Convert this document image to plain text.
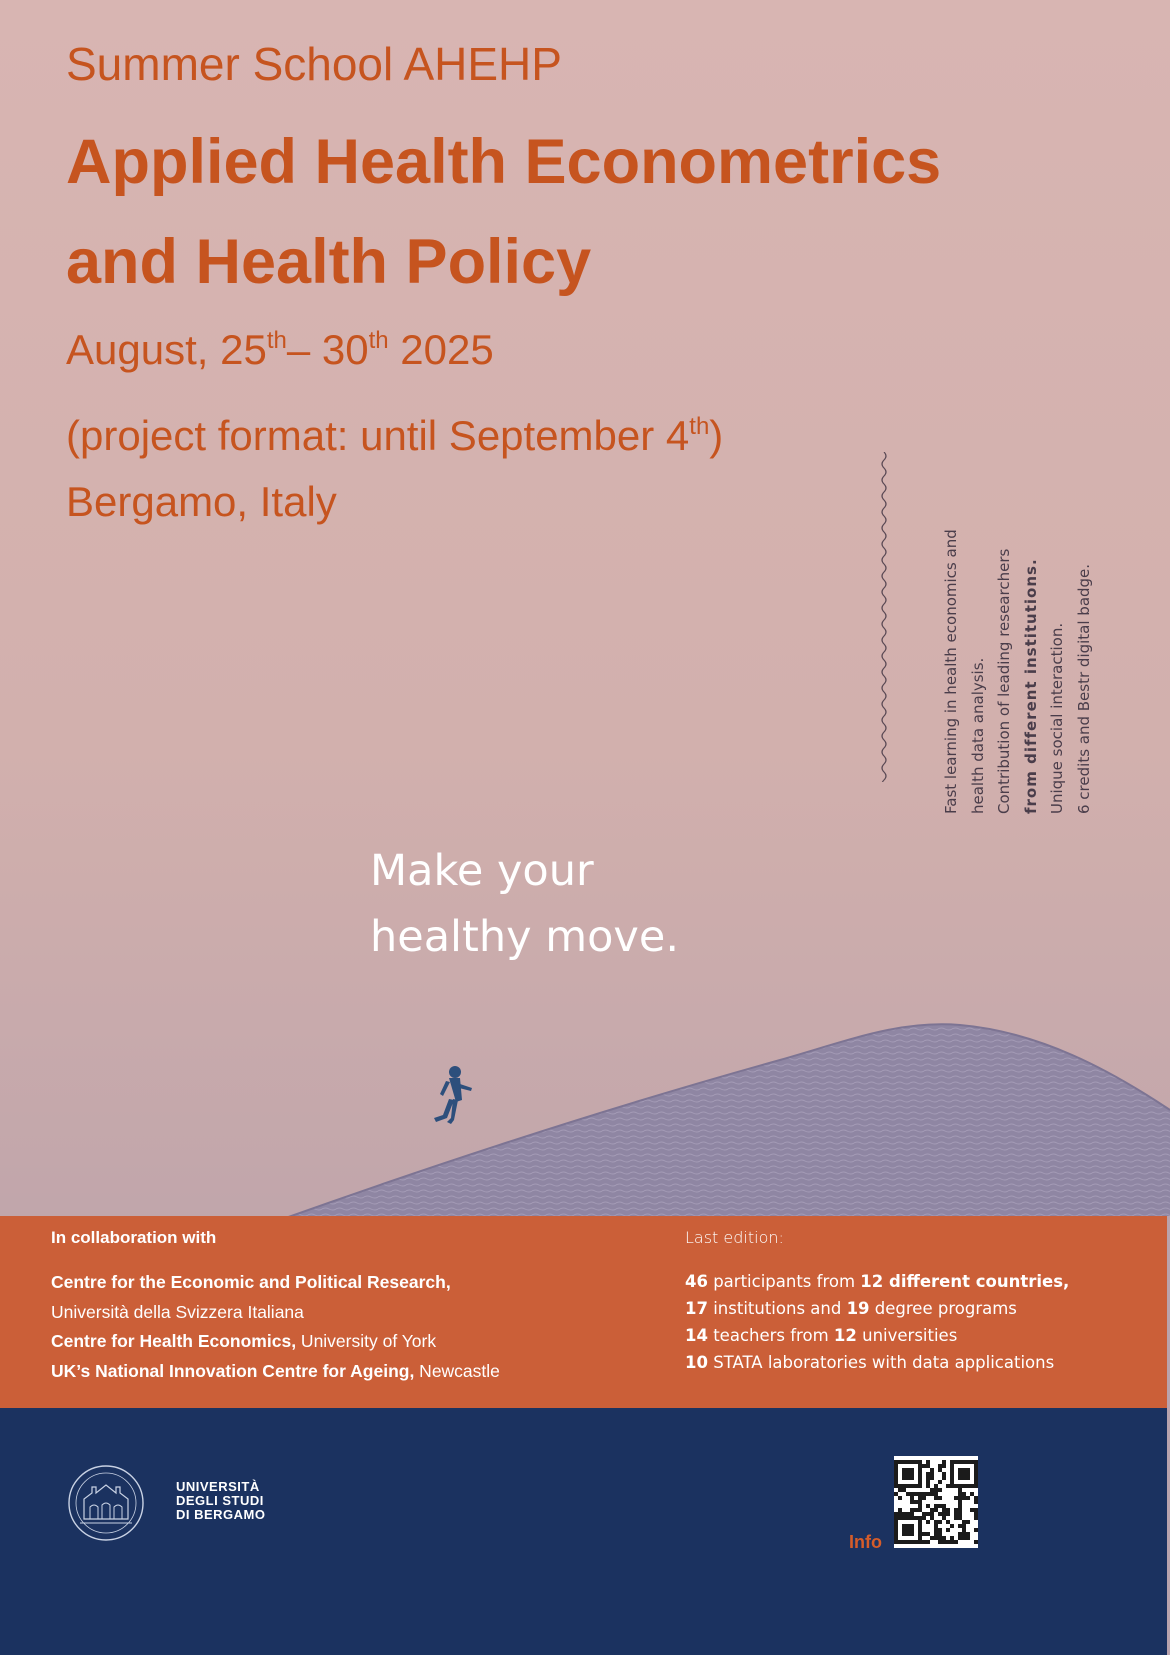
Summer School AHEHP
Applied Health Econometrics
and Health Policy
August, 25th– 30th 2025
(project format: until September 4th)
Bergamo, Italy
Fast learning in health economics and health data analysis. Contribution of leading researchers from different institutions. Unique social interaction. 6 credits and Bestr digital badge.
Make your
healthy move.
In collaboration with
Centre for the Economic and Political Research,
Università della Svizzera Italiana
Centre for Health Economics, University of York
UK’s National Innovation Centre for Ageing, Newcastle
Last edition:
46 participants from 12 different countries,
17 institutions and 19 degree programs
14 teachers from 12 universities
10 STATA laboratories with data applications
UNIVERSITÀ
DEGLI STUDI
DI BERGAMO
Info
